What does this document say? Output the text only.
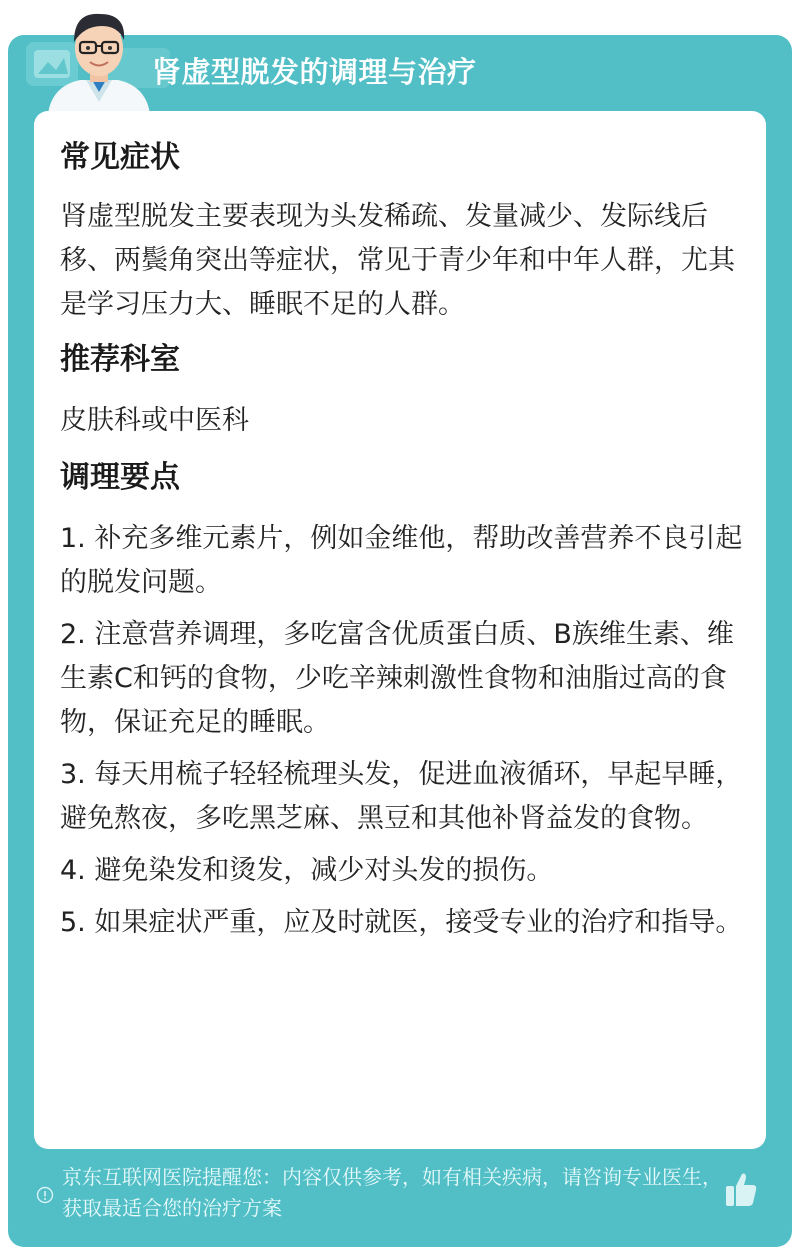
肾虚型脱发的调理与治疗
常见症状

肾虚型脱发主要表现为头发稀疏、发量减少、发际线后移、两鬓角突出等症状，常见于青少年和中年人群，尤其是学习压力大、睡眠不足的人群。

推荐科室

皮肤科或中医科

调理要点

1. 补充多维元素片，例如金维他，帮助改善营养不良引起的脱发问题。

2. 注意营养调理，多吃富含优质蛋白质、B族维生素、维生素C和钙的食物，少吃辛辣刺激性食物和油脂过高的食物，保证充足的睡眠。

3. 每天用梳子轻轻梳理头发，促进血液循环，早起早睡，避免熬夜，多吃黑芝麻、黑豆和其他补肾益发的食物。

4. 避免染发和烫发，减少对头发的损伤。

5. 如果症状严重，应及时就医，接受专业的治疗和指导。

京东互联网医院提醒您：内容仅供参考，如有相关疾病，请咨询专业医生，获取最适合您的治疗方案
